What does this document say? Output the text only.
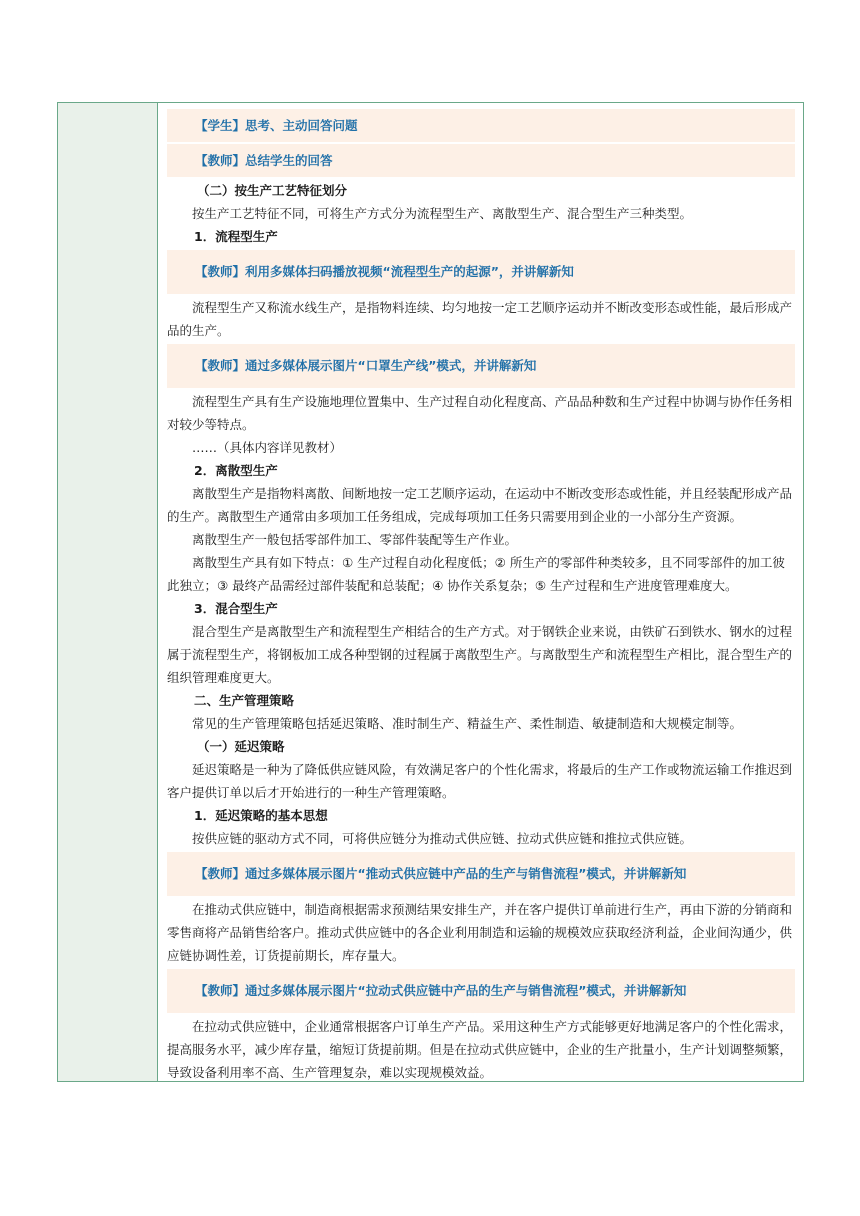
【学生】思考、主动回答问题
【教师】总结学生的回答
（二）按生产工艺特征划分
按生产工艺特征不同，可将生产方式分为流程型生产、离散型生产、混合型生产三种类型。
1．流程型生产
【教师】利用多媒体扫码播放视频“流程型生产的起源”，并讲解新知
流程型生产又称流水线生产，是指物料连续、均匀地按一定工艺顺序运动并不断改变形态或性能，最后形成产品的生产。
【教师】通过多媒体展示图片“口罩生产线”模式，并讲解新知
流程型生产具有生产设施地理位置集中、生产过程自动化程度高、产品品种数和生产过程中协调与协作任务相对较少等特点。
……（具体内容详见教材）
2．离散型生产
离散型生产是指物料离散、间断地按一定工艺顺序运动，在运动中不断改变形态或性能，并且经装配形成产品的生产。离散型生产通常由多项加工任务组成，完成每项加工任务只需要用到企业的一小部分生产资源。
离散型生产一般包括零部件加工、零部件装配等生产作业。
离散型生产具有如下特点：① 生产过程自动化程度低；② 所生产的零部件种类较多，且不同零部件的加工彼此独立；③ 最终产品需经过部件装配和总装配；④ 协作关系复杂；⑤ 生产过程和生产进度管理难度大。
3．混合型生产
混合型生产是离散型生产和流程型生产相结合的生产方式。对于钢铁企业来说，由铁矿石到铁水、钢水的过程属于流程型生产，将钢板加工成各种型钢的过程属于离散型生产。与离散型生产和流程型生产相比，混合型生产的组织管理难度更大。
二、生产管理策略
常见的生产管理策略包括延迟策略、准时制生产、精益生产、柔性制造、敏捷制造和大规模定制等。
（一）延迟策略
延迟策略是一种为了降低供应链风险，有效满足客户的个性化需求，将最后的生产工作或物流运输工作推迟到客户提供订单以后才开始进行的一种生产管理策略。
1．延迟策略的基本思想
按供应链的驱动方式不同，可将供应链分为推动式供应链、拉动式供应链和推拉式供应链。
【教师】通过多媒体展示图片“推动式供应链中产品的生产与销售流程”模式，并讲解新知
在推动式供应链中，制造商根据需求预测结果安排生产，并在客户提供订单前进行生产，再由下游的分销商和零售商将产品销售给客户。推动式供应链中的各企业利用制造和运输的规模效应获取经济利益，企业间沟通少，供应链协调性差，订货提前期长，库存量大。
【教师】通过多媒体展示图片“拉动式供应链中产品的生产与销售流程”模式，并讲解新知
在拉动式供应链中，企业通常根据客户订单生产产品。采用这种生产方式能够更好地满足客户的个性化需求，提高服务水平，减少库存量，缩短订货提前期。但是在拉动式供应链中，企业的生产批量小，生产计划调整频繁，导致设备利用率不高、生产管理复杂，难以实现规模效益。
